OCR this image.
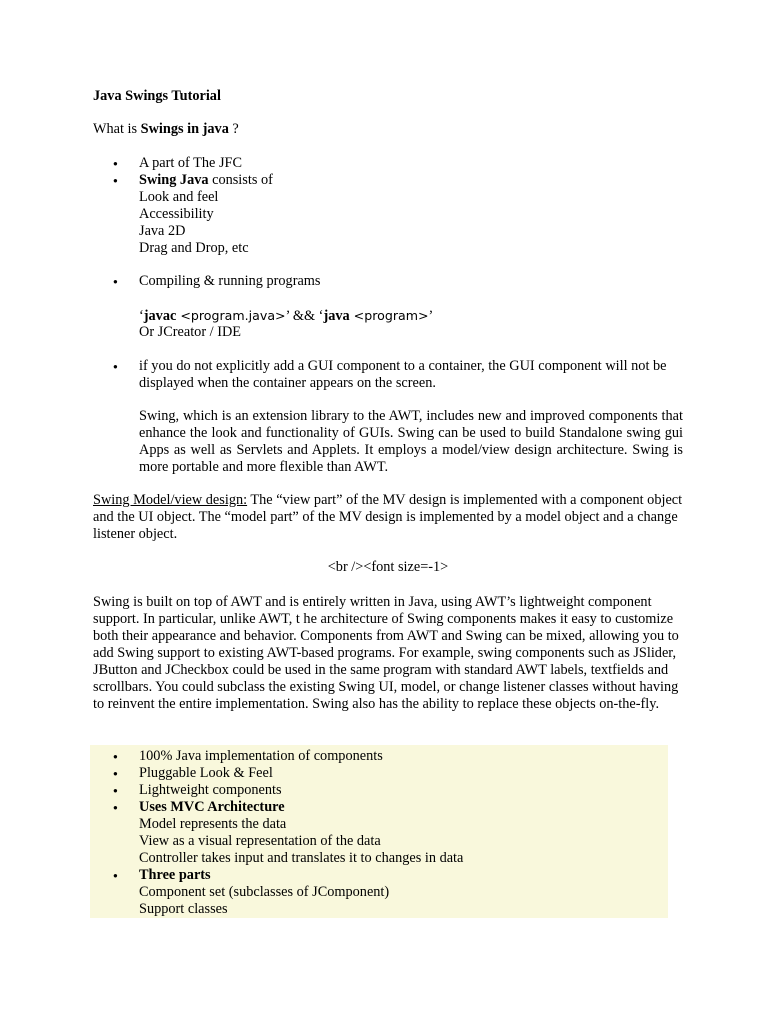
Java Swings Tutorial
What is Swings in java ?
● A part of The JFC
● Swing Java consists of
Look and feel
Accessibility
Java 2D
Drag and Drop, etc
● Compiling & running programs
‘javac <program.java>’ && ‘java <program>’
Or JCreator / IDE
● if you do not explicitly add a GUI component to a container, the GUI component will not be displayed when the container appears on the screen.
Swing, which is an extension library to the AWT, includes new and improved components that enhance the look and functionality of GUIs. Swing can be used to build Standalone swing gui Apps as well as Servlets and Applets. It employs a model/view design architecture. Swing is more portable and more flexible than AWT.
Swing Model/view design: The “view part” of the MV design is implemented with a component object and the UI object. The “model part” of the MV design is implemented by a model object and a change listener object.
<br /><font size=-1>
Swing is built on top of AWT and is entirely written in Java, using AWT’s lightweight component support. In particular, unlike AWT, t he architecture of Swing components makes it easy to customize both their appearance and behavior. Components from AWT and Swing can be mixed, allowing you to add Swing support to existing AWT-based programs. For example, swing components such as JSlider, JButton and JCheckbox could be used in the same program with standard AWT labels, textfields and scrollbars. You could subclass the existing Swing UI, model, or change listener classes without having to reinvent the entire implementation. Swing also has the ability to replace these objects on-the-fly.
● 100% Java implementation of components
● Pluggable Look & Feel
● Lightweight components
● Uses MVC Architecture
Model represents the data
View as a visual representation of the data
Controller takes input and translates it to changes in data
● Three parts
Component set (subclasses of JComponent)
Support classes
